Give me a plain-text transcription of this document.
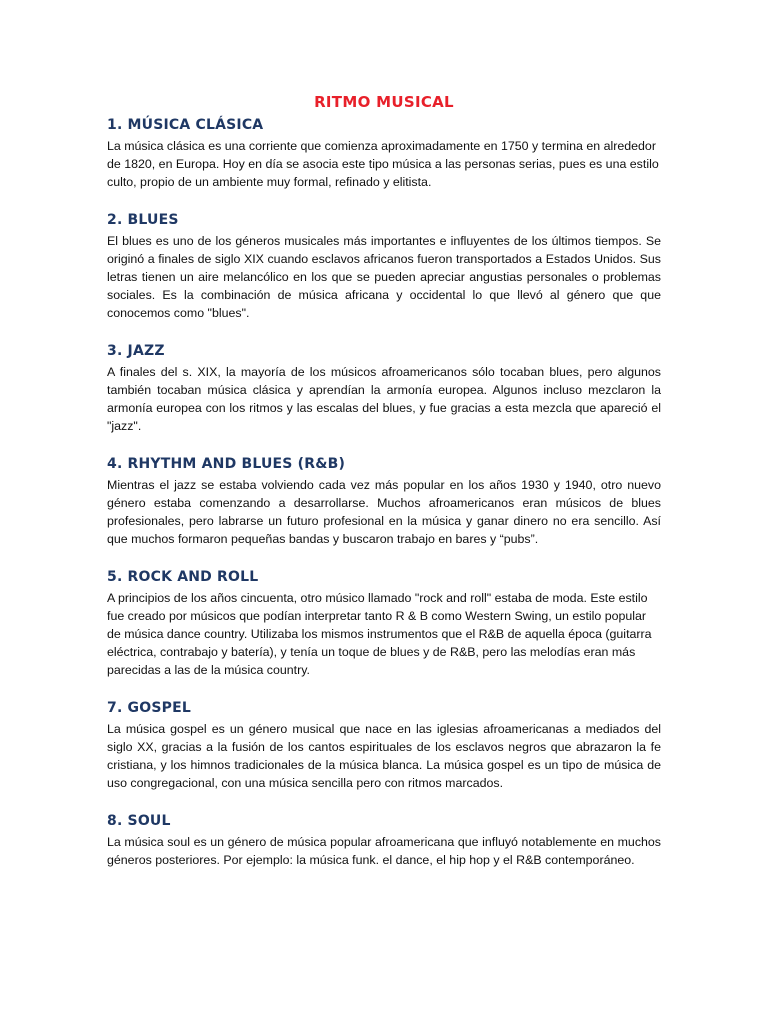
RITMO MUSICAL
1. MÚSICA CLÁSICA

La música clásica es una corriente que comienza aproximadamente en 1750 y termina en alrededor de 1820, en Europa. Hoy en día se asocia este tipo música a las personas serias, pues es una estilo culto, propio de un ambiente muy formal, refinado y elitista.

2. BLUES

El blues es uno de los géneros musicales más importantes e influyentes de los últimos tiempos. Se originó a finales de siglo XIX cuando esclavos africanos fueron transportados a Estados Unidos. Sus letras tienen un aire melancólico en los que se pueden apreciar angustias personales o problemas sociales. Es la combinación de música africana y occidental lo que llevó al género que que conocemos como "blues".

3. JAZZ

A finales del s. XIX, la mayoría de los músicos afroamericanos sólo tocaban blues, pero algunos también tocaban música clásica y aprendían la armonía europea. Algunos incluso mezclaron la armonía europea con los ritmos y las escalas del blues, y fue gracias a esta mezcla que apareció el "jazz".

4. RHYTHM AND BLUES (R&B)

Mientras el jazz se estaba volviendo cada vez más popular en los años 1930 y 1940, otro nuevo género estaba comenzando a desarrollarse. Muchos afroamericanos eran músicos de blues profesionales, pero labrarse un futuro profesional en la música y ganar dinero no era sencillo. Así que muchos formaron pequeñas bandas y buscaron trabajo en bares y “pubs”.

5. ROCK AND ROLL

A principios de los años cincuenta, otro músico llamado "rock and roll" estaba de moda. Este estilo fue creado por músicos que podían interpretar tanto R & B como Western Swing, un estilo popular de música dance country. Utilizaba los mismos instrumentos que el R&B de aquella época (guitarra eléctrica, contrabajo y batería), y tenía un toque de blues y de R&B, pero las melodías eran más parecidas a las de la música country.

7. GOSPEL

La música gospel es un género musical que nace en las iglesias afroamericanas a mediados del siglo XX, gracias a la fusión de los cantos espirituales de los esclavos negros que abrazaron la fe cristiana, y los himnos tradicionales de la música blanca. La música gospel es un tipo de música de uso congregacional, con una música sencilla pero con ritmos marcados.

8. SOUL

La música soul es un género de música popular afroamericana que influyó notablemente en muchos géneros posteriores. Por ejemplo: la música funk. el dance, el hip hop y el R&B contemporáneo.
